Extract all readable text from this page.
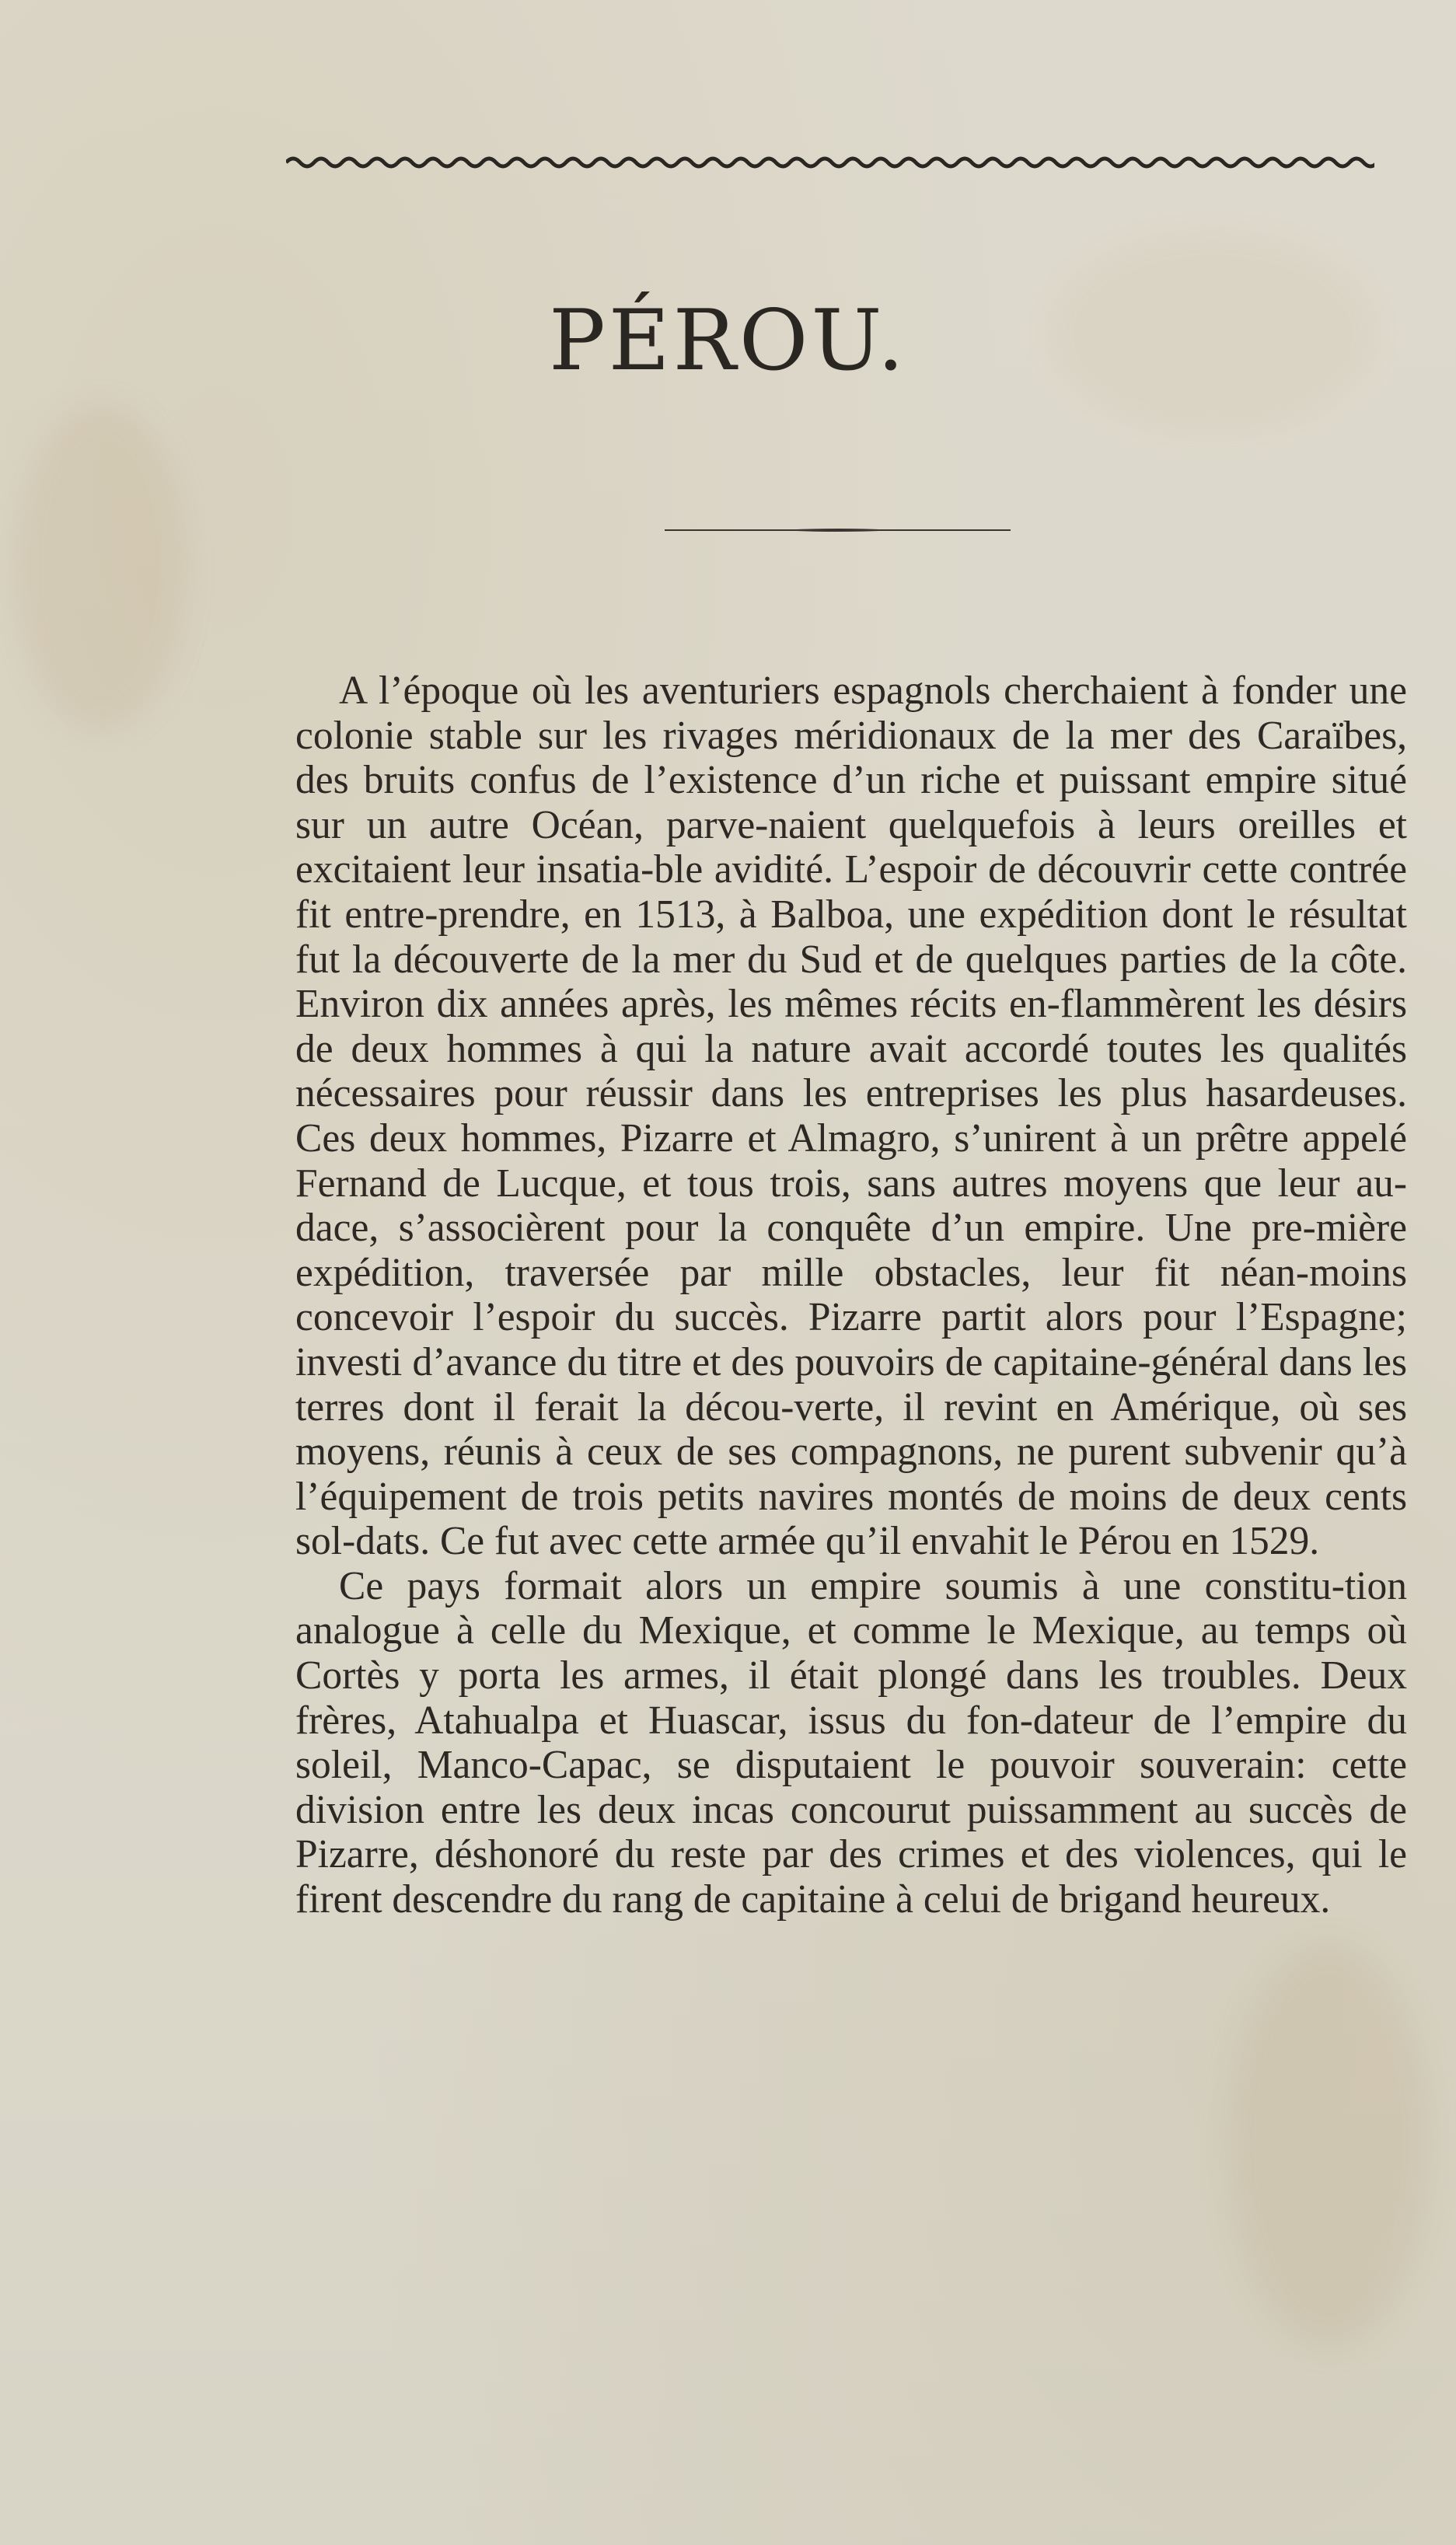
PÉROU.

A l’époque où les aventuriers espagnols cherchaient à fonder une colonie stable sur les rivages méridionaux de la mer des Caraïbes, des bruits confus de l’existence d’un riche et puissant empire situé sur un autre Océan, parve-naient quelquefois à leurs oreilles et excitaient leur insatia-ble avidité. L’espoir de découvrir cette contrée fit entre-prendre, en 1513, à Balboa, une expédition dont le résultat fut la découverte de la mer du Sud et de quelques parties de la côte. Environ dix années après, les mêmes récits en-flammèrent les désirs de deux hommes à qui la nature avait accordé toutes les qualités nécessaires pour réussir dans les entreprises les plus hasardeuses. Ces deux hommes, Pizarre et Almagro, s’unirent à un prêtre appelé Fernand de Lucque, et tous trois, sans autres moyens que leur au-dace, s’associèrent pour la conquête d’un empire. Une pre-mière expédition, traversée par mille obstacles, leur fit néan-moins concevoir l’espoir du succès. Pizarre partit alors pour l’Espagne; investi d’avance du titre et des pouvoirs de capitaine-général dans les terres dont il ferait la décou-verte, il revint en Amérique, où ses moyens, réunis à ceux de ses compagnons, ne purent subvenir qu’à l’équipement de trois petits navires montés de moins de deux cents sol-dats. Ce fut avec cette armée qu’il envahit le Pérou en 1529.

Ce pays formait alors un empire soumis à une constitu-tion analogue à celle du Mexique, et comme le Mexique, au temps où Cortès y porta les armes, il était plongé dans les troubles. Deux frères, Atahualpa et Huascar, issus du fon-dateur de l’empire du soleil, Manco-Capac, se disputaient le pouvoir souverain: cette division entre les deux incas concourut puissamment au succès de Pizarre, déshonoré du reste par des crimes et des violences, qui le firent descendre du rang de capitaine à celui de brigand heureux.
